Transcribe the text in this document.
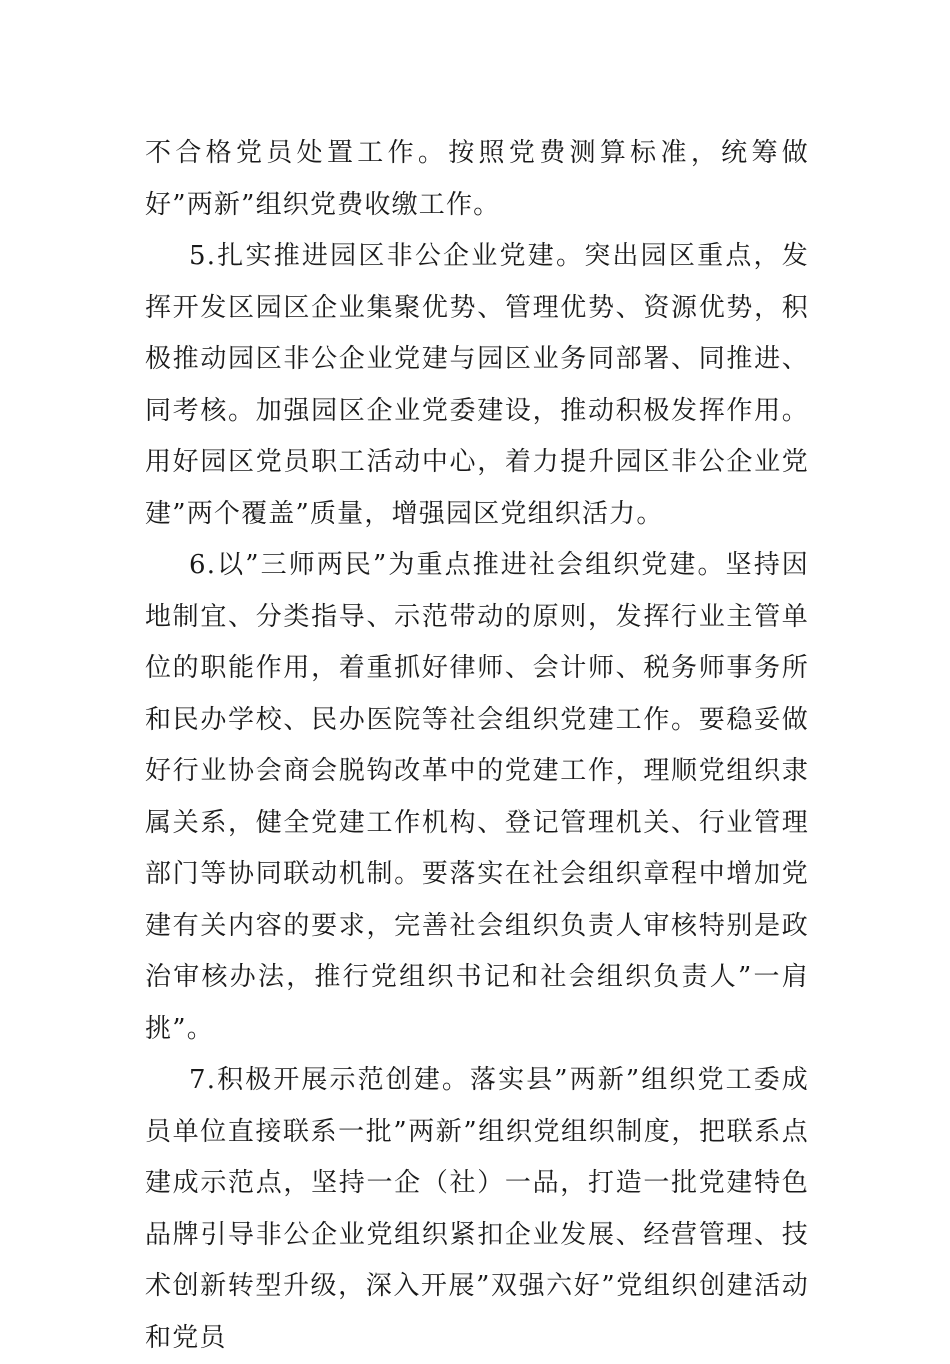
不合格党员处置工作。按照党费测算标准，统筹做好”两新”组织党费收缴工作。

5.扎实推进园区非公企业党建。突出园区重点，发挥开发区园区企业集聚优势、管理优势、资源优势，积极推动园区非公企业党建与园区业务同部署、同推进、同考核。加强园区企业党委建设，推动积极发挥作用。用好园区党员职工活动中心，着力提升园区非公企业党建”两个覆盖”质量，增强园区党组织活力。

6.以”三师两民”为重点推进社会组织党建。坚持因地制宜、分类指导、示范带动的原则，发挥行业主管单位的职能作用，着重抓好律师、会计师、税务师事务所和民办学校、民办医院等社会组织党建工作。要稳妥做好行业协会商会脱钩改革中的党建工作，理顺党组织隶属关系，健全党建工作机构、登记管理机关、行业管理部门等协同联动机制。要落实在社会组织章程中增加党建有关内容的要求，完善社会组织负责人审核特别是政治审核办法，推行党组织书记和社会组织负责人”一肩挑”。

7.积极开展示范创建。落实县”两新”组织党工委成员单位直接联系一批”两新”组织党组织制度，把联系点建成示范点，坚持一企（社）一品，打造一批党建特色品牌引导非公企业党组织紧扣企业发展、经营管理、技术创新转型升级，深入开展”双强六好”党组织创建活动和党员
